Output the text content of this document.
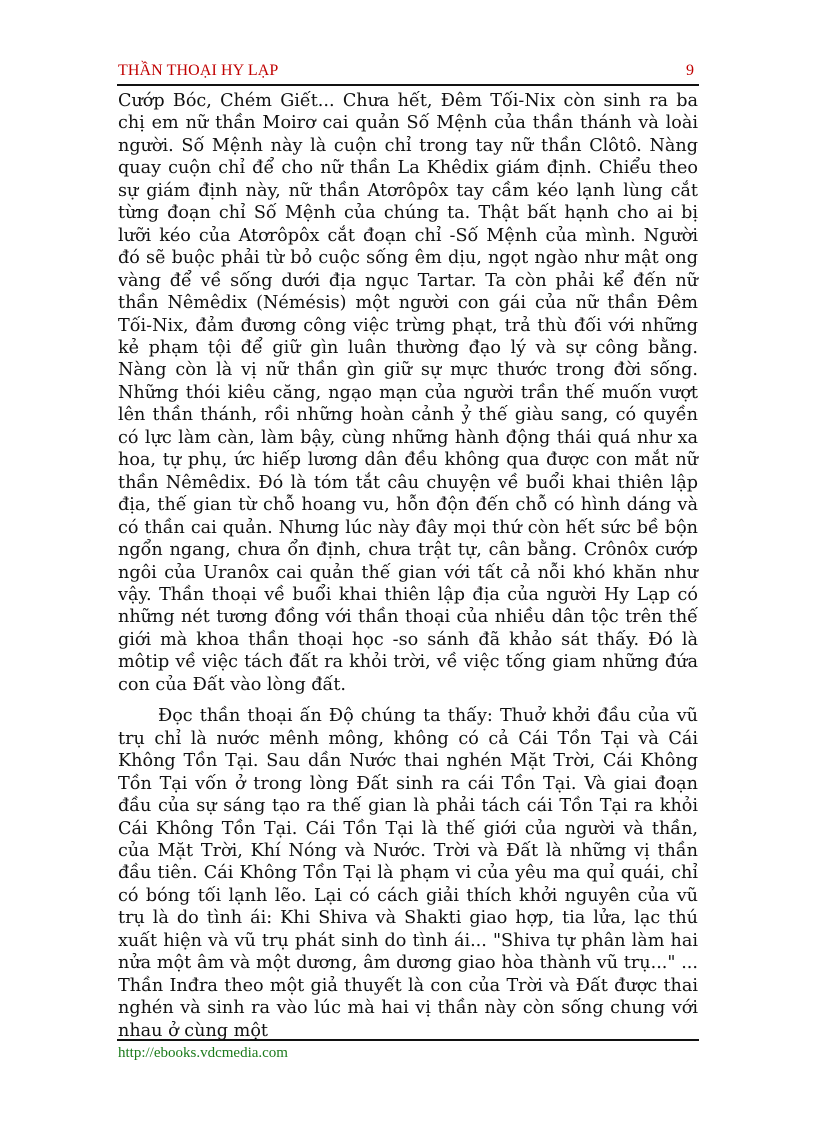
THẦN THOẠI HY LẠP	9

Cướp Bóc, Chém Giết... Chưa hết, Đêm Tối-Nix còn sinh ra ba chị em nữ thần Moirơ cai quản Số Mệnh của thần thánh và loài người. Số Mệnh này là cuộn chỉ trong tay nữ thần Clôtô. Nàng quay cuộn chỉ để cho nữ thần La Khêdix giám định. Chiểu theo sự giám định này, nữ thần Atơrôpôx tay cầm kéo lạnh lùng cắt từng đoạn chỉ Số Mệnh của chúng ta. Thật bất hạnh cho ai bị lưỡi kéo của Atơrôpôx cắt đoạn chỉ -Số Mệnh của mình. Người đó sẽ buộc phải từ bỏ cuộc sống êm dịu, ngọt ngào như mật ong vàng để về sống dưới địa ngục Tartar. Ta còn phải kể đến nữ thần Nêmêdix (Némésis) một người con gái của nữ thần Đêm Tối-Nix, đảm đương công việc trừng phạt, trả thù đối với những kẻ phạm tội để giữ gìn luân thường đạo lý và sự công bằng. Nàng còn là vị nữ thần gìn giữ sự mực thước trong đời sống. Những thói kiêu căng, ngạo mạn của người trần thế muốn vượt lên thần thánh, rồi những hoàn cảnh ỷ thế giàu sang, có quyền có lực làm càn, làm bậy, cùng những hành động thái quá như xa hoa, tự phụ, ức hiếp lương dân đều không qua được con mắt nữ thần Nêmêdix. Đó là tóm tắt câu chuyện về buổi khai thiên lập địa, thế gian từ chỗ hoang vu, hỗn độn đến chỗ có hình dáng và có thần cai quản. Nhưng lúc này đây mọi thứ còn hết sức bề bộn ngổn ngang, chưa ổn định, chưa trật tự, cân bằng. Crônôx cướp ngôi của Uranôx cai quản thế gian với tất cả nỗi khó khăn như vậy. Thần thoại về buổi khai thiên lập địa của người Hy Lạp có những nét tương đồng với thần thoại của nhiều dân tộc trên thế giới mà khoa thần thoại học -so sánh đã khảo sát thấy. Đó là môtip về việc tách đất ra khỏi trời, về việc tống giam những đứa con của Đất vào lòng đất.

Đọc thần thoại ấn Độ chúng ta thấy: Thuở khởi đầu của vũ trụ chỉ là nước mênh mông, không có cả Cái Tồn Tại và Cái Không Tồn Tại. Sau dần Nước thai nghén Mặt Trời, Cái Không Tồn Tại vốn ở trong lòng Đất sinh ra cái Tồn Tại. Và giai đoạn đầu của sự sáng tạo ra thế gian là phải tách cái Tồn Tại ra khỏi Cái Không Tồn Tại. Cái Tồn Tại là thế giới của người và thần, của Mặt Trời, Khí Nóng và Nước. Trời và Đất là những vị thần đầu tiên. Cái Không Tồn Tại là phạm vi của yêu ma quỉ quái, chỉ có bóng tối lạnh lẽo. Lại có cách giải thích khởi nguyên của vũ trụ là do tình ái: Khi Shiva và Shakti giao hợp, tia lửa, lạc thú xuất hiện và vũ trụ phát sinh do tình ái... "Shiva tự phân làm hai nửa một âm và một dương, âm dương giao hòa thành vũ trụ..." ... Thần Inđra theo một giả thuyết là con của Trời và Đất được thai nghén và sinh ra vào lúc mà hai vị thần này còn sống chung với nhau ở cùng một

http://ebooks.vdcmedia.com
